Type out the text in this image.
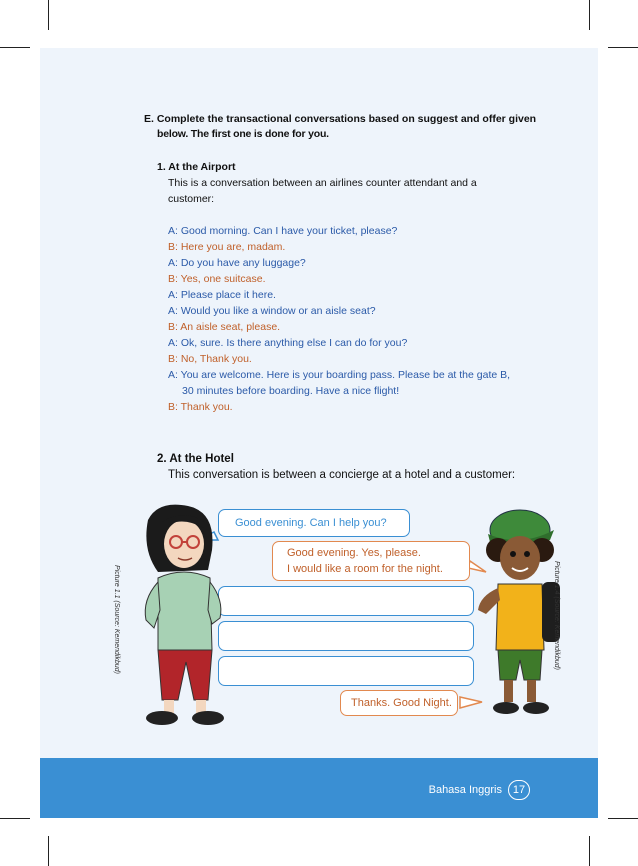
E. Complete the transactional conversations based on suggest and offer given
below. The first one is done for you.
1. At the Airport
This is a conversation between an airlines counter attendant and a
customer:
A: Good morning. Can I have your ticket, please?
B: Here you are, madam.
A: Do you have any luggage?
B: Yes, one suitcase.
A: Please place it here.
A: Would you like a window or an aisle seat?
B: An aisle seat, please.
A: Ok, sure. Is there anything else I can do for you?
B: No, Thank you.
A: You are welcome. Here is your boarding pass. Please be at the gate B,
30 minutes before boarding. Have a nice flight!
B: Thank you.
2. At the Hotel
This conversation is between a concierge at a hotel and a customer:
Good evening. Can I help you?
Good evening. Yes, please.
I would like a room for the night.
Thanks. Good Night.
Picture 1.1 (Source: Kemendikbud)	Picture 1.4 (Source: Kemendikbud)
Bahasa Inggris 17
